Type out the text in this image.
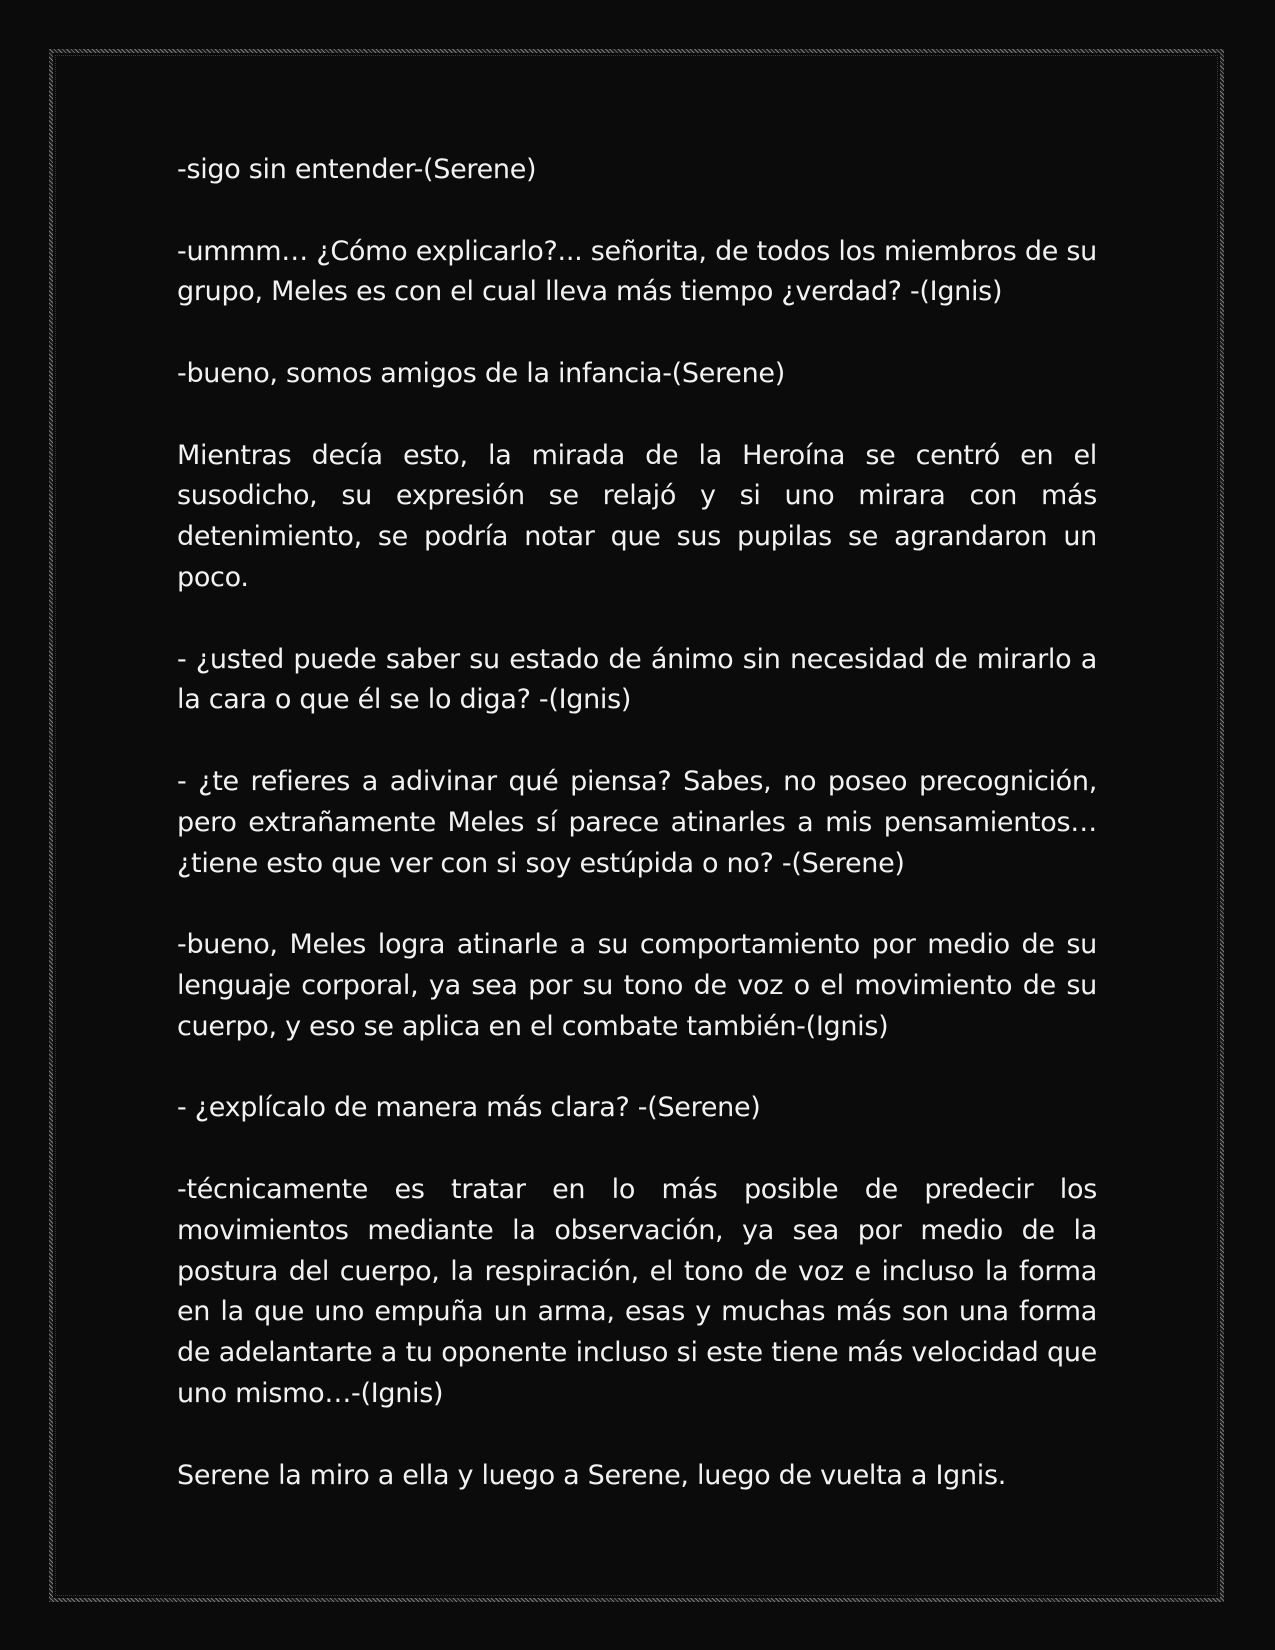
-sigo sin entender-(Serene)

-ummm… ¿Cómo explicarlo?... señorita, de todos los miembros de su grupo, Meles es con el cual lleva más tiempo ¿verdad? -(Ignis)

-bueno, somos amigos de la infancia-(Serene)

Mientras decía esto, la mirada de la Heroína se centró en el susodicho, su expresión se relajó y si uno mirara con más detenimiento, se podría notar que sus pupilas se agrandaron un poco.

- ¿usted puede saber su estado de ánimo sin necesidad de mirarlo a la cara o que él se lo diga? -(Ignis)

- ¿te refieres a adivinar qué piensa? Sabes, no poseo precognición, pero extrañamente Meles sí parece atinarles a mis pensamientos… ¿tiene esto que ver con si soy estúpida o no? -(Serene)

-bueno, Meles logra atinarle a su comportamiento por medio de su lenguaje corporal, ya sea por su tono de voz o el movimiento de su cuerpo, y eso se aplica en el combate también-(Ignis)

- ¿explícalo de manera más clara? -(Serene)

-técnicamente es tratar en lo más posible de predecir los movimientos mediante la observación, ya sea por medio de la postura del cuerpo, la respiración, el tono de voz e incluso la forma en la que uno empuña un arma, esas y muchas más son una forma de adelantarte a tu oponente incluso si este tiene más velocidad que uno mismo…-(Ignis)

Serene la miro a ella y luego a Serene, luego de vuelta a Ignis.
